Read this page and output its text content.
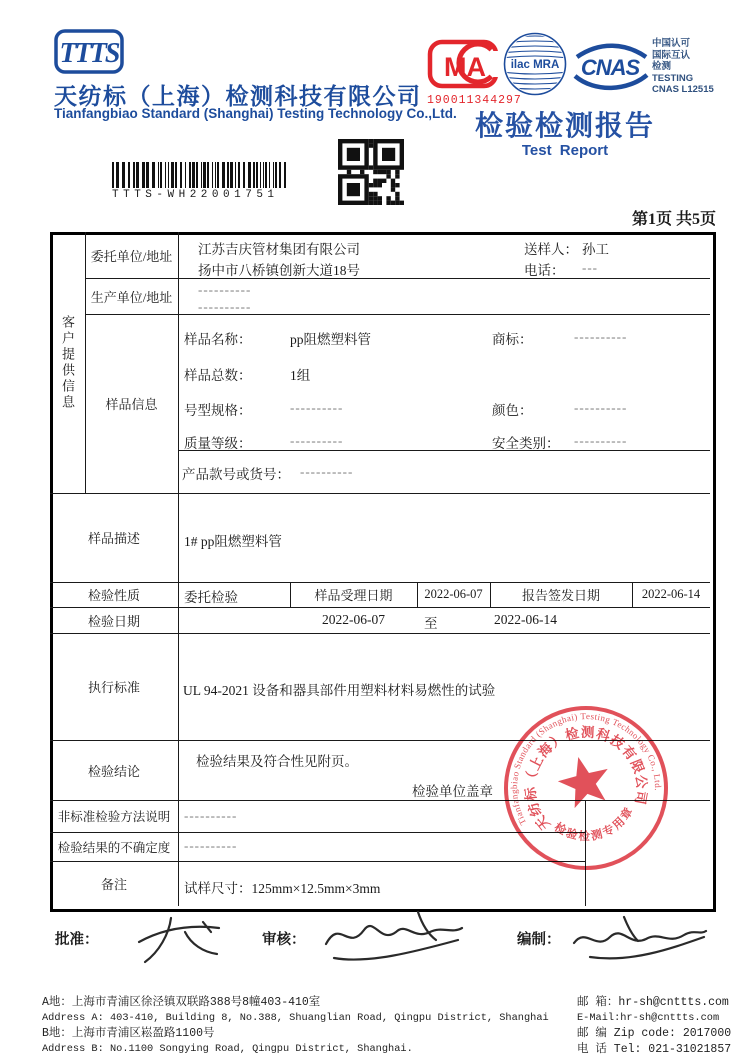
TTTS
天纺标（上海）检测科技有限公司
Tianfangbiao Standard (Shanghai) Testing Technology Co.,Ltd.
MA
190011344297
ilac MRA CNAS
中国认可
国际互认
检测
TESTING
CNAS L12515
检验检测报告
Test Report
TTTS-WH22001751
第1页 共5页
客户提供信息
委托单位/地址	江苏吉庆管材集团有限公司
扬中市八桥镇创新大道18号
送样人： 孙工
电话： ---
生产单位/地址	----------
----------
样品信息
样品名称：	pp阻燃塑料管	商标：	----------
样品总数：	1组
号型规格：	----------	颜色：	----------
质量等级：	----------	安全类别： ----------
产品款号或货号： ----------
样品描述	1# pp阻燃塑料管
检验性质	委托检验	样品受理日期	2022-06-07	报告签发日期	2022-06-14
检验日期	2022-06-07	至	2022-06-14
执行标准	UL 94-2021 设备和器具部件用塑料材料易燃性的试验
检验结论
检验结果及符合性见附页。
检验单位盖章
非标准检验方法说明	----------
检验结果的不确定度	----------
备注	试样尺寸：125mm×12.5mm×3mm
Tianfangbiao Standard (Shanghai) Testing Technology Co., Ltd.
天纺标（上海）检测科技有限公司
检验检测专用章
批准：	审核：	编制：
A地：上海市青浦区徐泾镇双联路388号8幢403-410室
Address A: 403-410, Building 8, No.388, Shuanglian Road, Qingpu District, Shanghai
B地：上海市青浦区崧盈路1100号
Address B: No.1100 Songying Road, Qingpu District, Shanghai.
邮 箱：hr-sh@cnttts.com
E-Mail:hr-sh@cnttts.com
邮 编 Zip code: 2017000
电 话 Tel: 021-31021857
